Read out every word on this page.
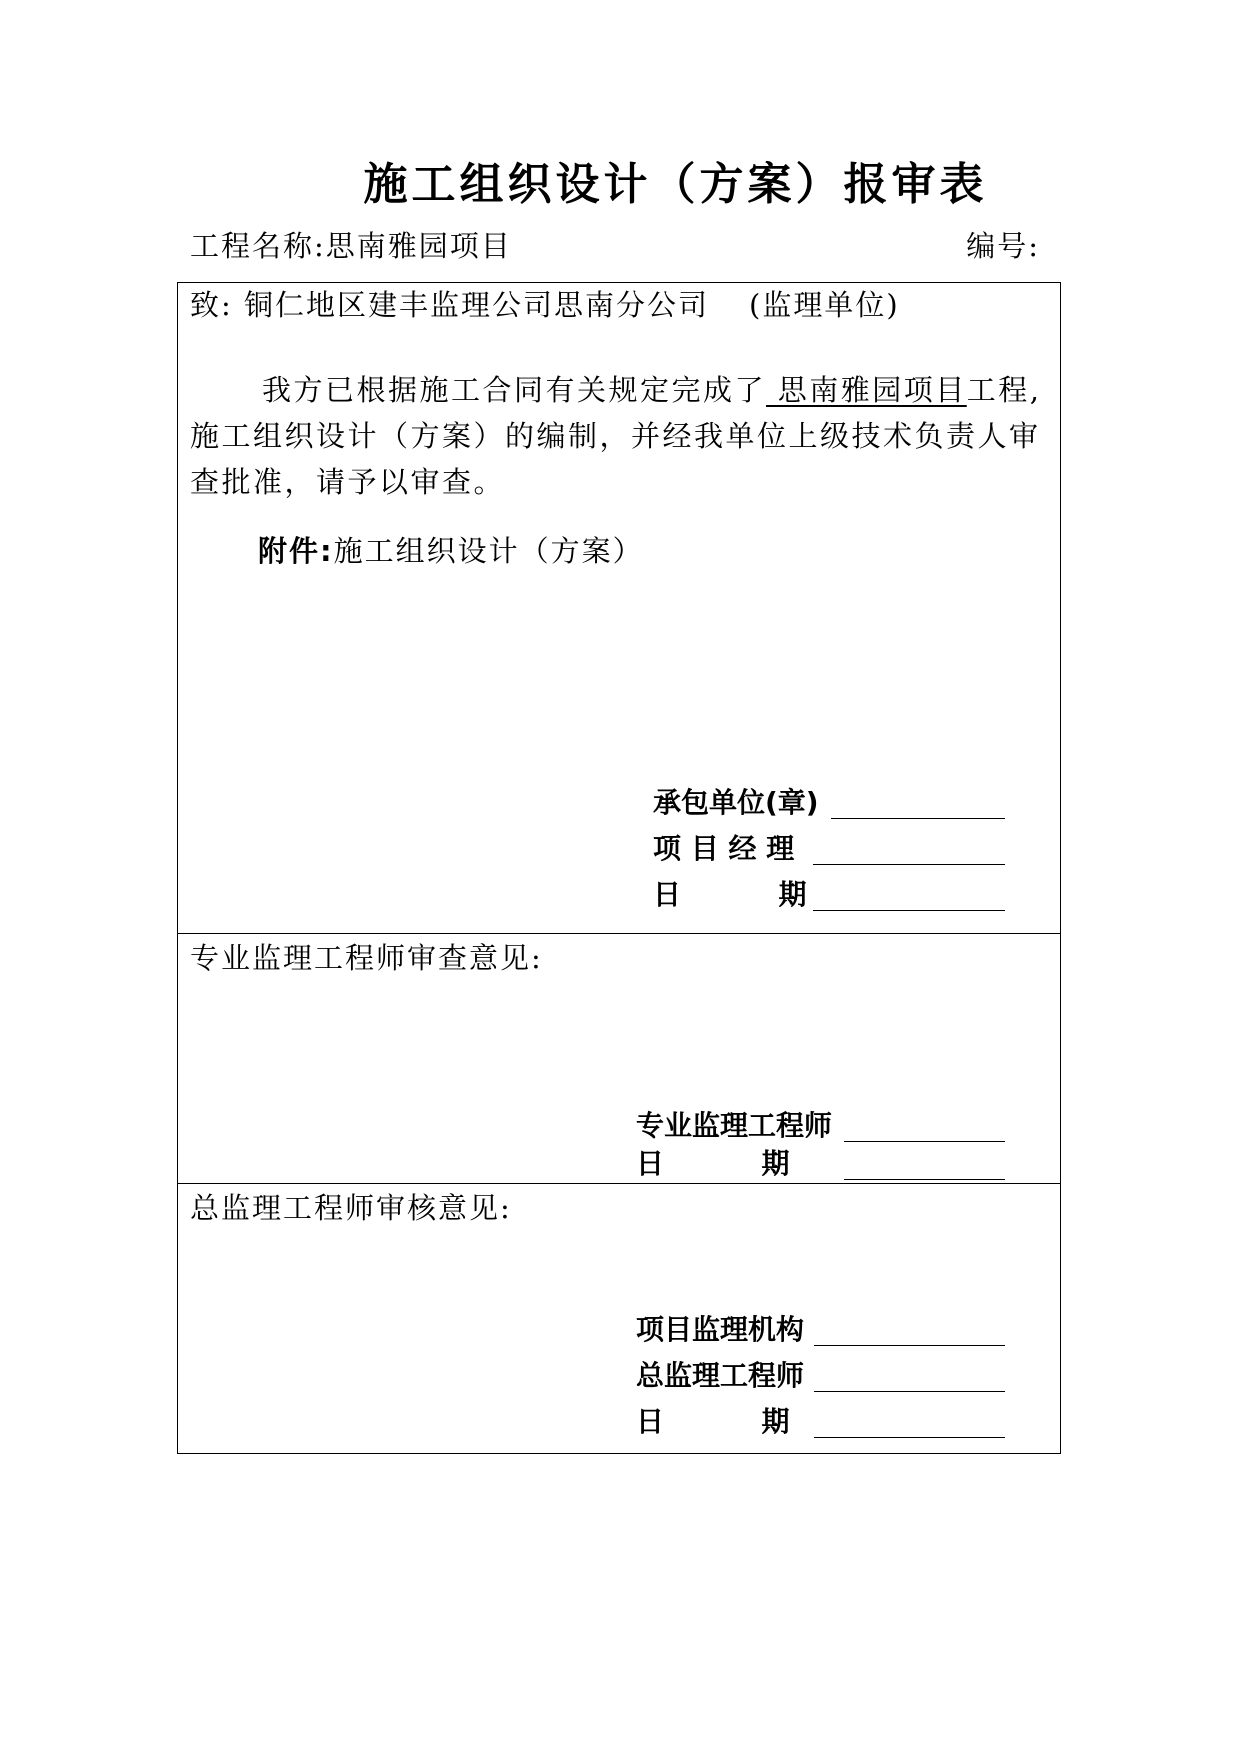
施工组织设计（方案）报审表
工程名称:思南雅园项目	编号:
致: 铜仁地区建丰监理公司思南分公司 (监理单位)
我方已根据施工合同有关规定完成了 思南雅园项目工程,施工组织设计（方案）的编制，并经我单位上级技术负责人审查批准，请予以审查。
附件:施工组织设计（方案）
承包单位(章)
项 目 经 理
日          期
专业监理工程师审查意见:
专业监理工程师
日          期
总监理工程师审核意见:
项目监理机构
总监理工程师
日          期
